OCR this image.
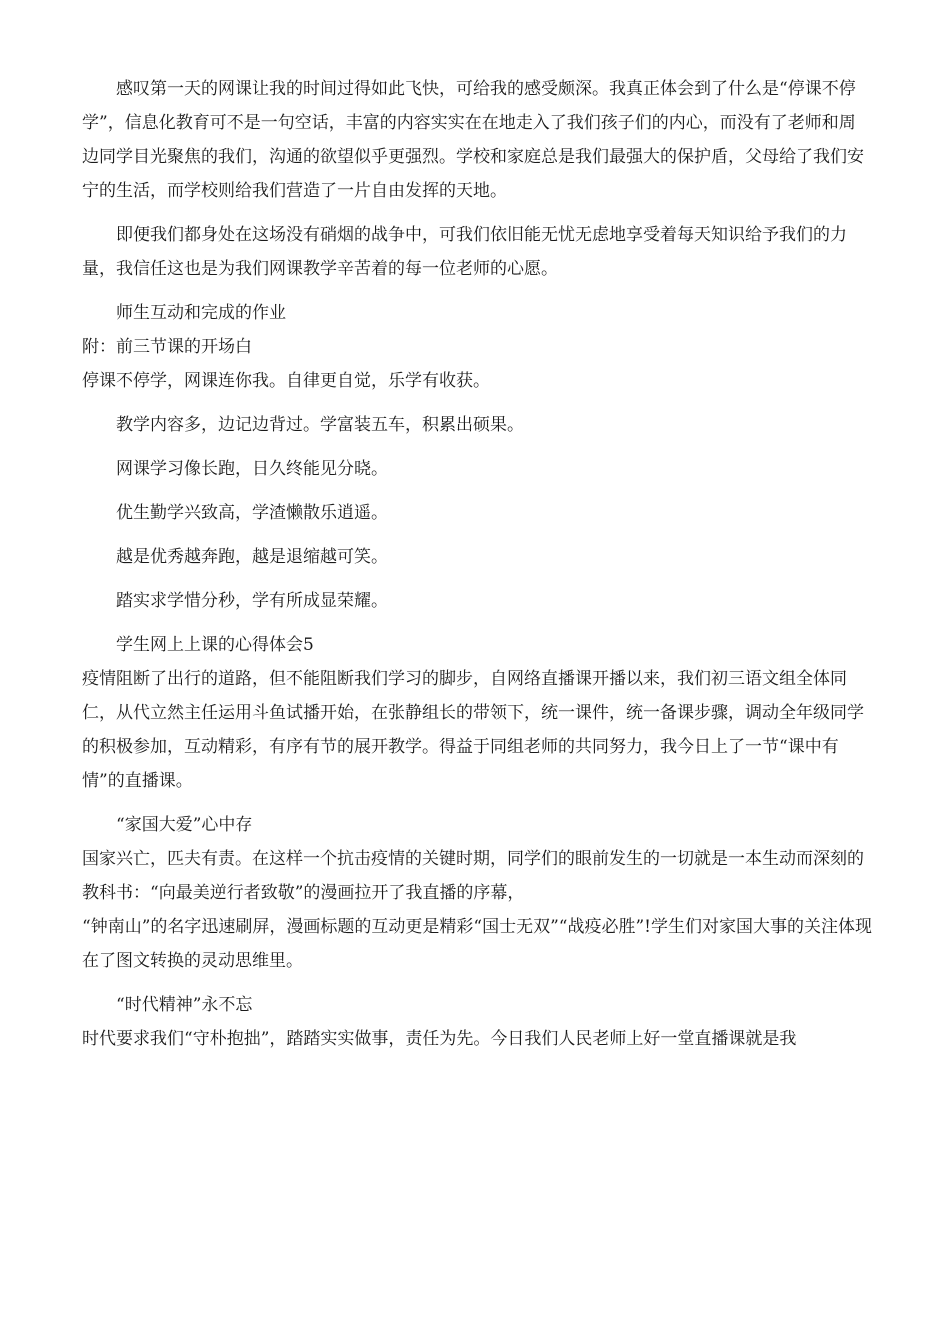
感叹第一天的网课让我的时间过得如此飞快，可给我的感受颇深。我真正体会到了什么是“停课不停学”，信息化教育可不是一句空话，丰富的内容实实在在地走入了我们孩子们的内心，而没有了老师和周边同学目光聚焦的我们，沟通的欲望似乎更强烈。学校和家庭总是我们最强大的保护盾，父母给了我们安宁的生活，而学校则给我们营造了一片自由发挥的天地。

即便我们都身处在这场没有硝烟的战争中，可我们依旧能无忧无虑地享受着每天知识给予我们的力量，我信任这也是为我们网课教学辛苦着的每一位老师的心愿。

师生互动和完成的作业

附：前三节课的开场白

停课不停学，网课连你我。自律更自觉，乐学有收获。

教学内容多，边记边背过。学富装五车，积累出硕果。

网课学习像长跑，日久终能见分晓。

优生勤学兴致高，学渣懒散乐逍遥。

越是优秀越奔跑，越是退缩越可笑。

踏实求学惜分秒，学有所成显荣耀。

学生网上上课的心得体会5

疫情阻断了出行的道路，但不能阻断我们学习的脚步，自网络直播课开播以来，我们初三语文组全体同仁，从代立然主任运用斗鱼试播开始，在张静组长的带领下，统一课件，统一备课步骤，调动全年级同学的积极参加，互动精彩，有序有节的展开教学。得益于同组老师的共同努力，我今日上了一节“课中有情”的直播课。

“家国大爱”心中存

国家兴亡，匹夫有责。在这样一个抗击疫情的关键时期，同学们的眼前发生的一切就是一本生动而深刻的教科书：“向最美逆行者致敬”的漫画拉开了我直播的序幕，

“钟南山”的名字迅速刷屏，漫画标题的互动更是精彩“国士无双”“战疫必胜”!学生们对家国大事的关注体现在了图文转换的灵动思维里。

“时代精神”永不忘

时代要求我们“守朴抱拙”，踏踏实实做事，责任为先。今日我们人民老师上好一堂直播课就是我
